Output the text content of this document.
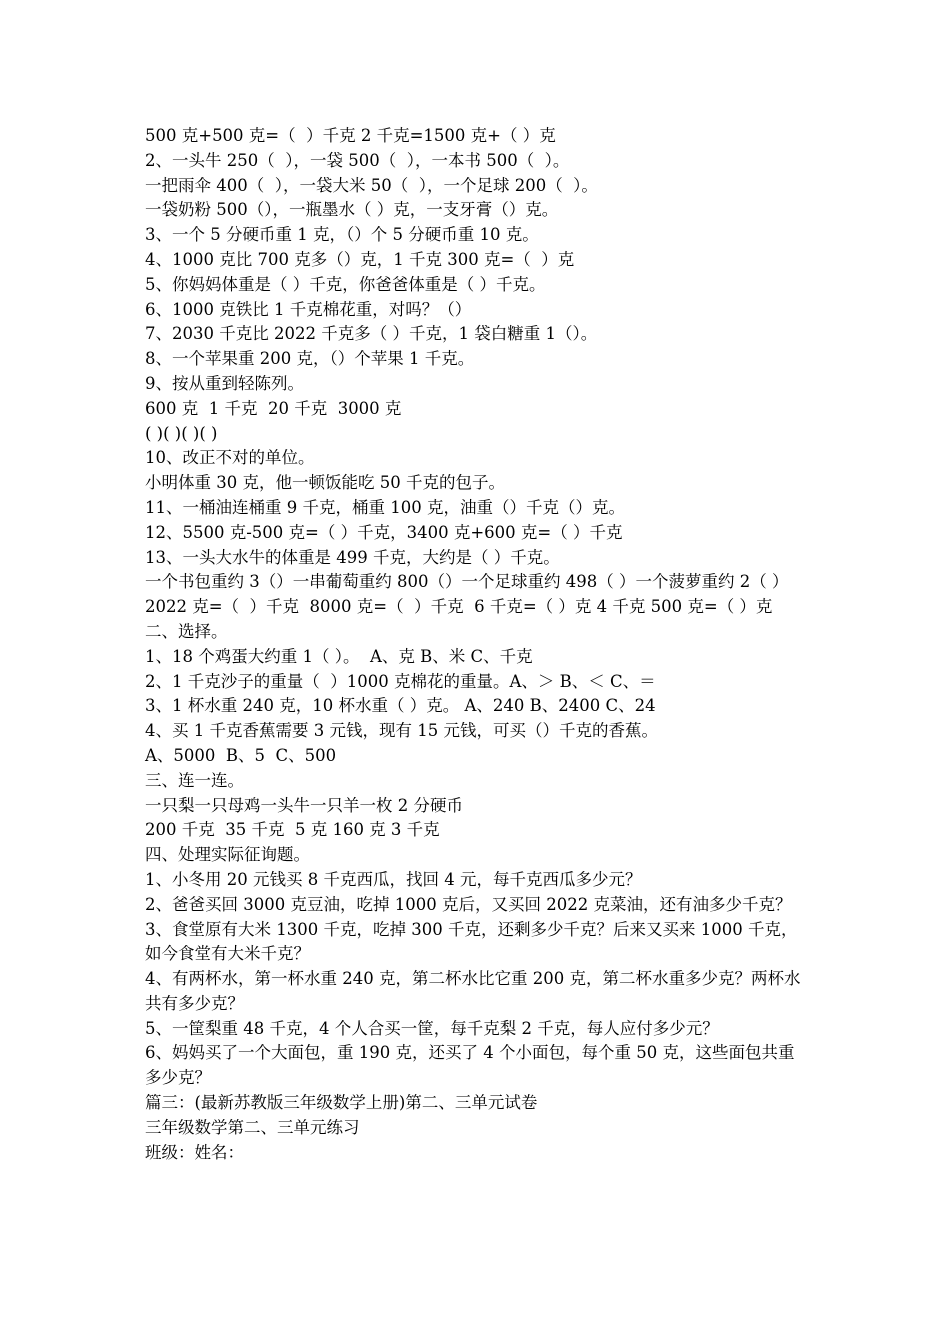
500 克+500 克=（  ）千克 2 千克=1500 克+（ ）克

2、一头牛 250（  ），一袋 500（  ），一本书 500（  ）。

一把雨伞 400（  ），一袋大米 50（  ），一个足球 200（  ）。

一袋奶粉 500（），一瓶墨水（ ）克，一支牙膏（）克。

3、一个 5 分硬币重 1 克，（）个 5 分硬币重 10 克。

4、1000 克比 700 克多（）克，1 千克 300 克=（  ）克

5、你妈妈体重是（ ）千克，你爸爸体重是（ ）千克。

6、1000 克铁比 1 千克棉花重，对吗？（）

7、2030 千克比 2022 千克多（ ）千克，1 袋白糖重 1（）。

8、一个苹果重 200 克，（）个苹果 1 千克。

9、按从重到轻陈列。

600 克  1 千克  20 千克  3000 克

( )( )( )( )

10、改正不对的单位。

小明体重 30 克，他一顿饭能吃 50 千克的包子。

11、一桶油连桶重 9 千克，桶重 100 克，油重（）千克（）克。

12、5500 克-500 克=（ ）千克，3400 克+600 克=（ ）千克

13、一头大水牛的体重是 499 千克，大约是（ ）千克。

一个书包重约 3（）一串葡萄重约 800（）一个足球重约 498（ ）一个菠萝重约 2（ ）

2022 克=（  ）千克  8000 克=（  ）千克  6 千克=（ ）克 4 千克 500 克=（ ）克

二、选择。

1、18 个鸡蛋大约重 1（ ）。  A、克 B、米 C、千克

2、1 千克沙子的重量（  ）1000 克棉花的重量。A、＞ B、＜ C、＝

3、1 杯水重 240 克，10 杯水重（ ）克。 A、240 B、2400 C、24

4、买 1 千克香蕉需要 3 元钱，现有 15 元钱，可买（）千克的香蕉。

A、5000  B、5  C、500

三、连一连。

一只梨一只母鸡一头牛一只羊一枚 2 分硬币

200 千克  35 千克  5 克 160 克 3 千克

四、处理实际征询题。

1、小冬用 20 元钱买 8 千克西瓜，找回 4 元，每千克西瓜多少元？

2、爸爸买回 3000 克豆油，吃掉 1000 克后，又买回 2022 克菜油，还有油多少千克？

3、食堂原有大米 1300 千克，吃掉 300 千克，还剩多少千克？后来又买来 1000 千克，如今食堂有大米千克？

4、有两杯水，第一杯水重 240 克，第二杯水比它重 200 克，第二杯水重多少克？两杯水共有多少克？

5、一筐梨重 48 千克，4 个人合买一筐，每千克梨 2 千克，每人应付多少元？

6、妈妈买了一个大面包，重 190 克，还买了 4 个小面包，每个重 50 克，这些面包共重多少克？

篇三：(最新苏教版三年级数学上册)第二、三单元试卷

三年级数学第二、三单元练习

班级：姓名：
